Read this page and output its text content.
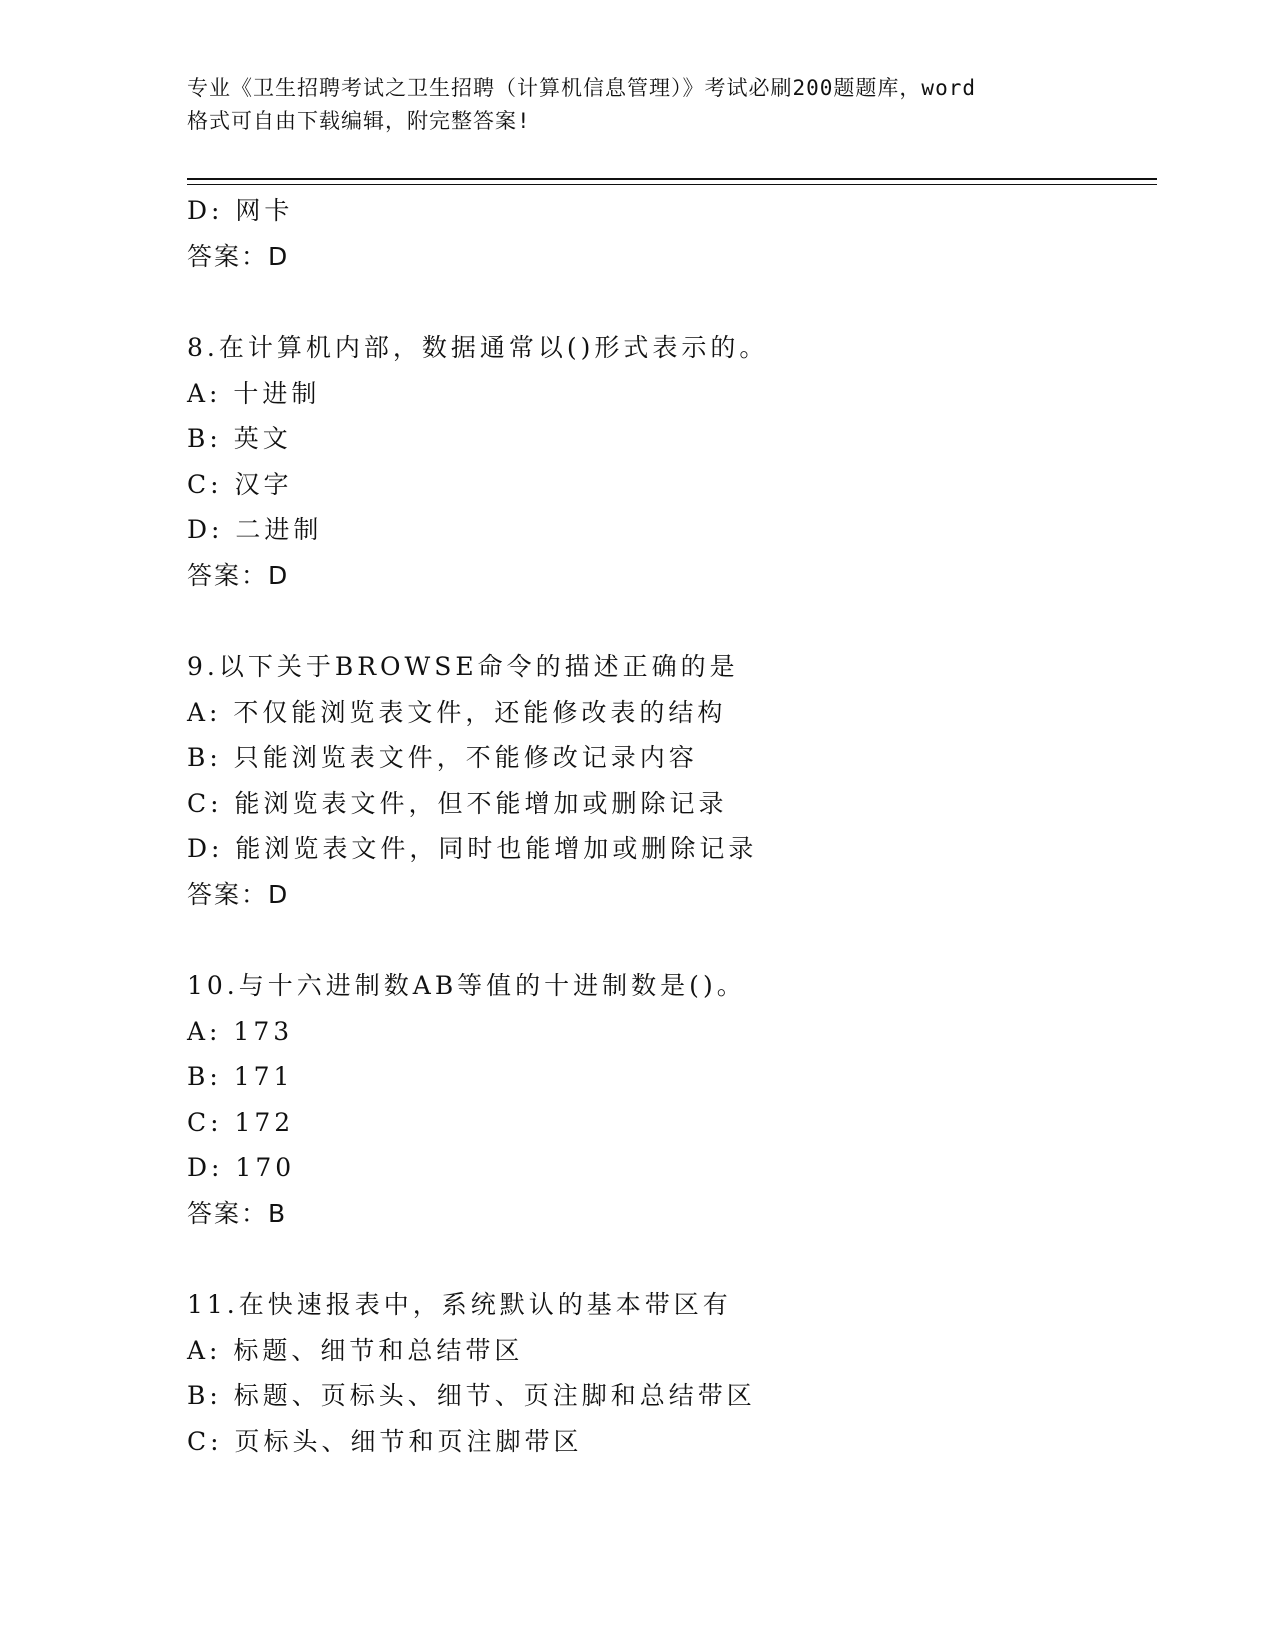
专业《卫生招聘考试之卫生招聘（计算机信息管理）》考试必刷200题题库，word
格式可自由下载编辑，附完整答案!
D: 网卡
答案：D
8.在计算机内部，数据通常以()形式表示的。
A: 十进制
B: 英文
C: 汉字
D: 二进制
答案：D
9.以下关于BROWSE命令的描述正确的是
A: 不仅能浏览表文件，还能修改表的结构
B: 只能浏览表文件，不能修改记录内容
C: 能浏览表文件，但不能增加或删除记录
D: 能浏览表文件，同时也能增加或删除记录
答案：D
10.与十六进制数AB等值的十进制数是()。
A: 173
B: 171
C: 172
D: 170
答案：B
11.在快速报表中，系统默认的基本带区有
A: 标题、细节和总结带区
B: 标题、页标头、细节、页注脚和总结带区
C: 页标头、细节和页注脚带区
